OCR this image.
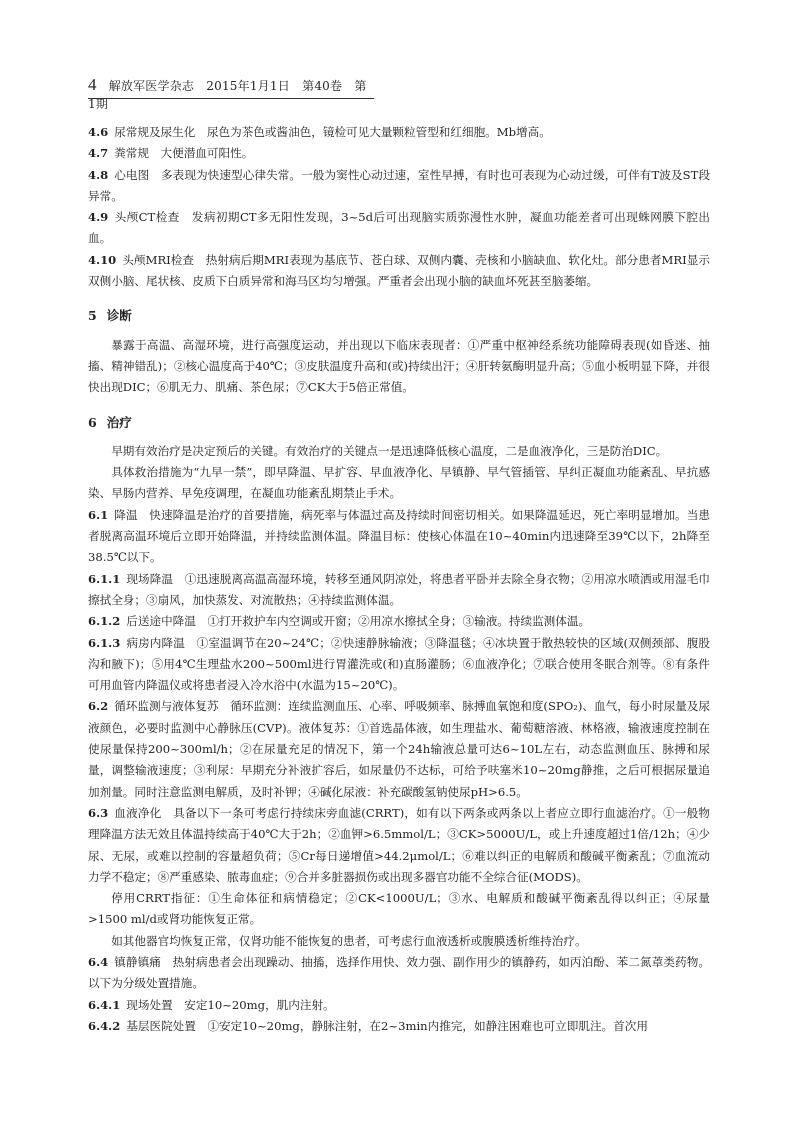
4 解放军医学杂志 2015年1月1日 第40卷 第1期
4.6 尿常规及尿生化 尿色为茶色或酱油色，镜检可见大量颗粒管型和红细胞。Mb增高。
4.7 粪常规 大便潜血可阳性。
4.8 心电图 多表现为快速型心律失常。一般为窦性心动过速，室性早搏，有时也可表现为心动过缓，可伴有T波及ST段异常。
4.9 头颅CT检查 发病初期CT多无阳性发现，3~5d后可出现脑实质弥漫性水肿，凝血功能差者可出现蛛网膜下腔出血。
4.10 头颅MRI检查 热射病后期MRI表现为基底节、苍白球、双侧内囊、壳核和小脑缺血、软化灶。部分患者MRI显示双侧小脑、尾状核、皮质下白质异常和海马区均匀增强。严重者会出现小脑的缺血坏死甚至脑萎缩。
5 诊断
暴露于高温、高湿环境，进行高强度运动，并出现以下临床表现者：①严重中枢神经系统功能障碍表现(如昏迷、抽搐、精神错乱)；②核心温度高于40℃；③皮肤温度升高和(或)持续出汗；④肝转氨酶明显升高；⑤血小板明显下降，并很快出现DIC；⑥肌无力、肌痛、茶色尿；⑦CK大于5倍正常值。
6 治疗
早期有效治疗是决定预后的关键。有效治疗的关键点一是迅速降低核心温度，二是血液净化，三是防治DIC。
具体救治措施为“九早一禁”，即早降温、早扩容、早血液净化、早镇静、早气管插管、早纠正凝血功能紊乱、早抗感染、早肠内营养、早免疫调理，在凝血功能紊乱期禁止手术。
6.1 降温 快速降温是治疗的首要措施，病死率与体温过高及持续时间密切相关。如果降温延迟，死亡率明显增加。当患者脱离高温环境后立即开始降温，并持续监测体温。降温目标：使核心体温在10~40min内迅速降至39℃以下，2h降至38.5℃以下。
6.1.1 现场降温 ①迅速脱离高温高湿环境，转移至通风阴凉处，将患者平卧并去除全身衣物；②用凉水喷洒或用湿毛巾擦拭全身；③扇风，加快蒸发、对流散热；④持续监测体温。
6.1.2 后送途中降温 ①打开救护车内空调或开窗；②用凉水擦拭全身；③输液。持续监测体温。
6.1.3 病房内降温 ①室温调节在20~24℃；②快速静脉输液；③降温毯；④冰块置于散热较快的区域(双侧颈部、腹股沟和腋下)；⑤用4℃生理盐水200~500ml进行胃灌洗或(和)直肠灌肠；⑥血液净化；⑦联合使用冬眠合剂等。⑧有条件可用血管内降温仪或将患者浸入冷水浴中(水温为15~20℃)。
6.2 循环监测与液体复苏 循环监测：连续监测血压、心率、呼吸频率、脉搏血氧饱和度(SPO₂)、血气，每小时尿量及尿液颜色，必要时监测中心静脉压(CVP)。液体复苏：①首选晶体液，如生理盐水、葡萄糖溶液、林格液，输液速度控制在使尿量保持200~300ml/h；②在尿量充足的情况下，第一个24h输液总量可达6~10L左右，动态监测血压、脉搏和尿量，调整输液速度；③利尿：早期充分补液扩容后，如尿量仍不达标，可给予呋塞米10~20mg静推，之后可根据尿量追加剂量。同时注意监测电解质，及时补钾；④碱化尿液：补充碳酸氢钠使尿pH>6.5。
6.3 血液净化 具备以下一条可考虑行持续床旁血滤(CRRT)，如有以下两条或两条以上者应立即行血滤治疗。①一般物理降温方法无效且体温持续高于40℃大于2h；②血钾>6.5mmol/L；③CK>5000U/L，或上升速度超过1倍/12h；④少尿、无尿，或难以控制的容量超负荷；⑤Cr每日递增值>44.2μmol/L；⑥难以纠正的电解质和酸碱平衡紊乱；⑦血流动力学不稳定；⑧严重感染、脓毒血症；⑨合并多脏器损伤或出现多器官功能不全综合征(MODS)。
停用CRRT指征：①生命体征和病情稳定；②CK<1000U/L；③水、电解质和酸碱平衡紊乱得以纠正；④尿量>1500 ml/d或肾功能恢复正常。
如其他器官均恢复正常，仅肾功能不能恢复的患者，可考虑行血液透析或腹膜透析维持治疗。
6.4 镇静镇痛 热射病患者会出现躁动、抽搐，选择作用快、效力强、副作用少的镇静药，如丙泊酚、苯二氮䓬类药物。以下为分级处置措施。
6.4.1 现场处置 安定10~20mg，肌内注射。
6.4.2 基层医院处置 ①安定10~20mg，静脉注射，在2~3min内推完，如静注困难也可立即肌注。首次用
